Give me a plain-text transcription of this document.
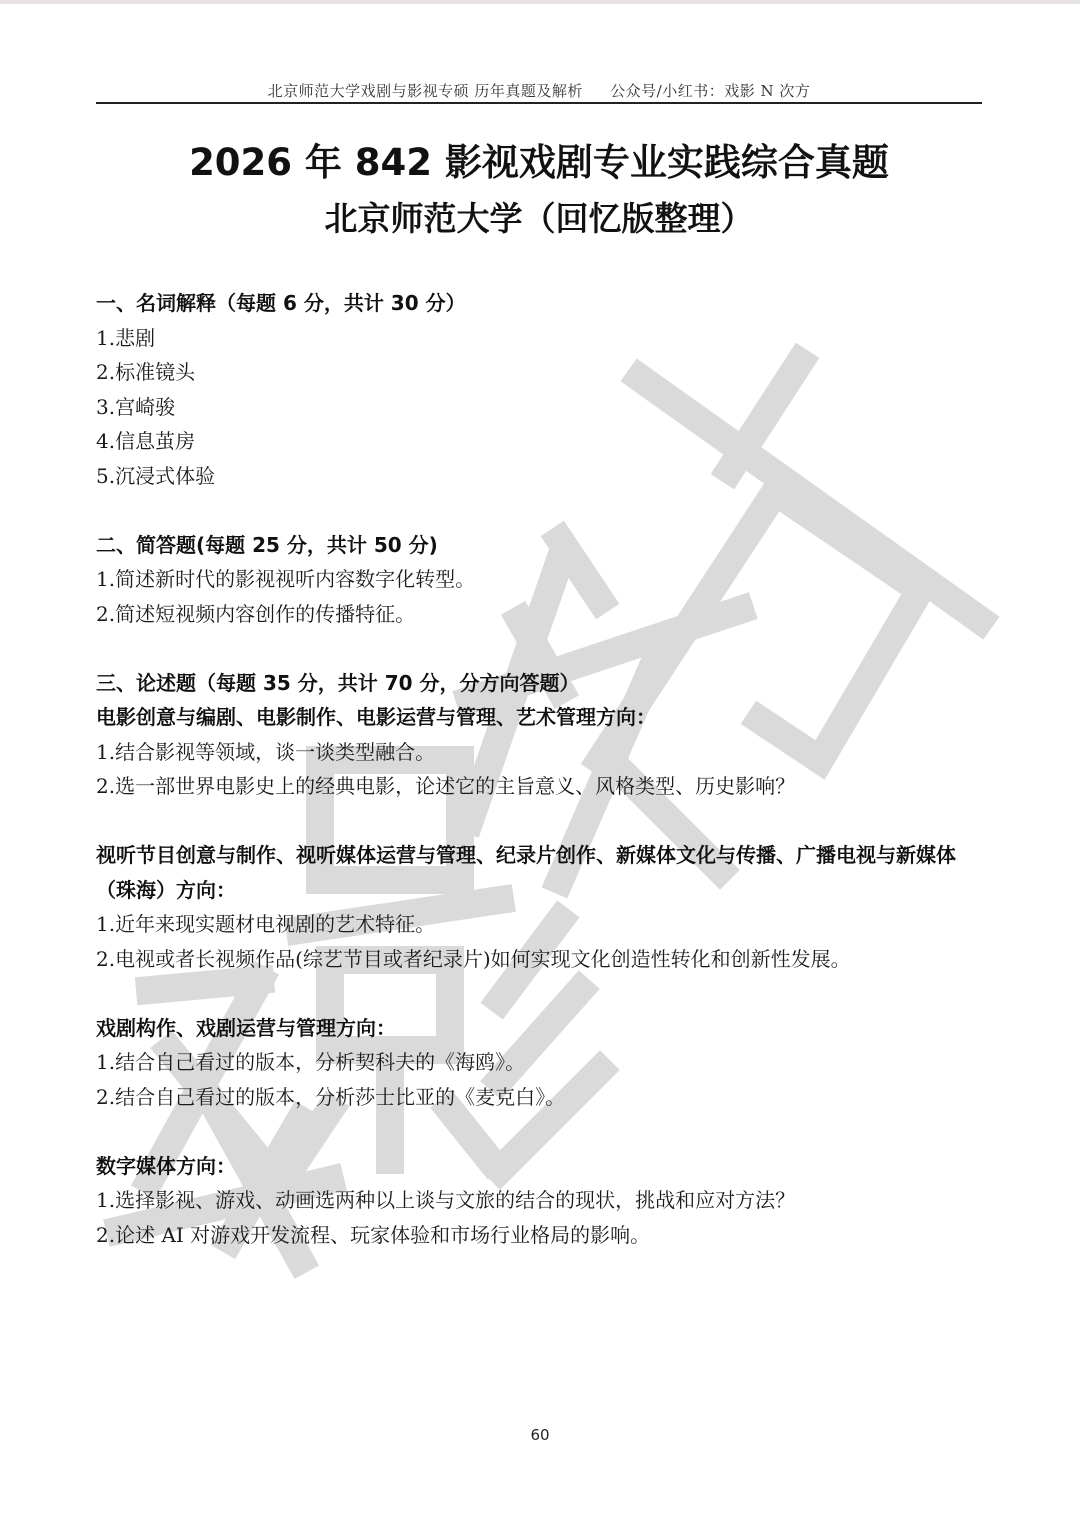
北京师范大学戏剧与影视专硕 历年真题及解析 公众号/小红书：戏影 N 次方
2026 年 842 影视戏剧专业实践综合真题
北京师范大学（回忆版整理）
一、名词解释（每题 6 分，共计 30 分）
1.悲剧
2.标准镜头
3.宫崎骏
4.信息茧房
5.沉浸式体验
二、简答题(每题 25 分，共计 50 分)
1.简述新时代的影视视听内容数字化转型。
2.简述短视频内容创作的传播特征。
三、论述题（每题 35 分，共计 70 分，分方向答题）
电影创意与编剧、电影制作、电影运营与管理、艺术管理方向：
1.结合影视等领域，谈一谈类型融合。
2.选一部世界电影史上的经典电影，论述它的主旨意义、风格类型、历史影响？
视听节目创意与制作、视听媒体运营与管理、纪录片创作、新媒体文化与传播、广播电视与新媒体（珠海）方向：
1.近年来现实题材电视剧的艺术特征。
2.电视或者长视频作品(综艺节目或者纪录片)如何实现文化创造性转化和创新性发展。
戏剧构作、戏剧运营与管理方向：
1.结合自己看过的版本，分析契科夫的《海鸥》。
2.结合自己看过的版本，分析莎士比亚的《麦克白》。
数字媒体方向：
1.选择影视、游戏、动画选两种以上谈与文旅的结合的现状，挑战和应对方法？
2.论述 AI 对游戏开发流程、玩家体验和市场行业格局的影响。
60
